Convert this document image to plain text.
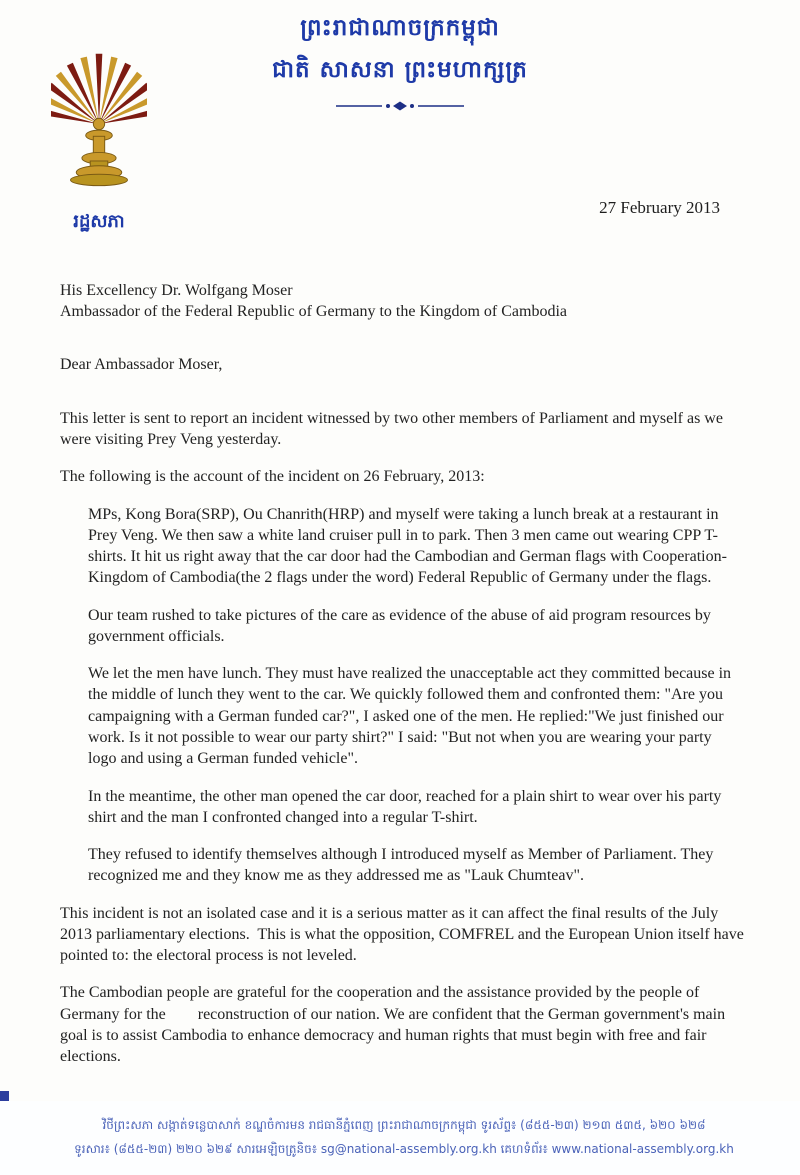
ព្រះរាជាណាចក្រកម្ពុជា
ជាតិ សាសនា ព្រះមហាក្សត្រ
រដ្ឋសភា
27 February 2013

His Excellency Dr. Wolfgang Moser

Ambassador of the Federal Republic of Germany to the Kingdom of Cambodia

Dear Ambassador Moser,

This letter is sent to report an incident witnessed by two other members of Parliament and myself as we were visiting Prey Veng yesterday.

The following is the account of the incident on 26 February, 2013:

MPs, Kong Bora(SRP), Ou Chanrith(HRP) and myself were taking a lunch break at a restaurant in Prey Veng. We then saw a white land cruiser pull in to park. Then 3 men came out wearing CPP T-shirts. It hit us right away that the car door had the Cambodian and German flags with Cooperation-Kingdom of Cambodia(the 2 flags under the word) Federal Republic of Germany under the flags.

Our team rushed to take pictures of the care as evidence of the abuse of aid program resources by government officials.

We let the men have lunch. They must have realized the unacceptable act they committed because in the middle of lunch they went to the car. We quickly followed them and confronted them: "Are you campaigning with a German funded car?", I asked one of the men. He replied:"We just finished our work. Is it not possible to wear our party shirt?" I said: "But not when you are wearing your party logo and using a German funded vehicle".

In the meantime, the other man opened the car door, reached for a plain shirt to wear over his party shirt and the man I confronted changed into a regular T-shirt.

They refused to identify themselves although I introduced myself as Member of Parliament. They recognized me and they know me as they addressed me as "Lauk Chumteav".

This incident is not an isolated case and it is a serious matter as it can affect the final results of the July 2013 parliamentary elections.  This is what the opposition, COMFREL and the European Union itself have pointed to: the electoral process is not leveled.

The Cambodian people are grateful for the cooperation and the assistance provided by the people of Germany for the        reconstruction of our nation. We are confident that the German government's main goal is to assist Cambodia to enhance democracy and human rights that must begin with free and fair elections.

វិថីព្រះសភា សង្កាត់ទន្លេបាសាក់ ខណ្ឌចំការមន រាជធានីភ្នំពេញ ព្រះរាជាណាចក្រកម្ពុជា ទូរស័ព្ទ៖ (៨៥៥-២៣) ២១៣ ៥៣៥, ៦២០ ៦២៨
ទូរសារ៖ (៨៥៥-២៣) ២២០ ៦២៩ សារអេឡិចត្រូនិច៖ sg@national-assembly.org.kh គេហទំព័រ៖ www.national-assembly.org.kh
